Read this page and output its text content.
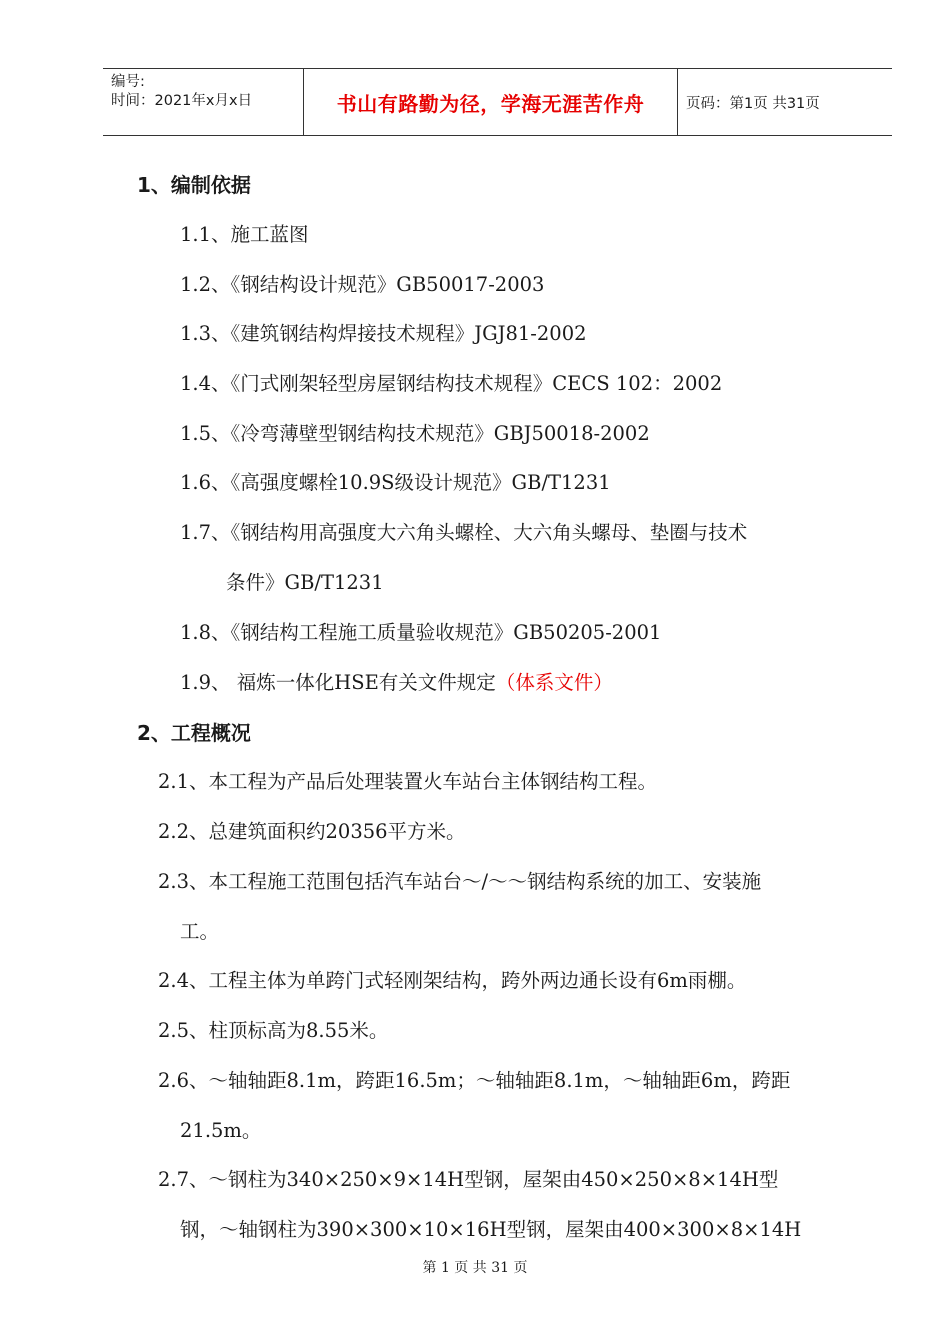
编号:
时间：2021年x月x日	书山有路勤为径，学海无涯苦作舟	页码：第1页 共31页
1、编制依据
1.1、施工蓝图
1.2、《钢结构设计规范》GB50017-2003
1.3、《建筑钢结构焊接技术规程》JGJ81-2002
1.4、《门式刚架轻型房屋钢结构技术规程》CECS 102：2002
1.5、《冷弯薄壁型钢结构技术规范》GBJ50018-2002
1.6、《高强度螺栓10.9S级设计规范》GB/T1231
1.7、《钢结构用高强度大六角头螺栓、大六角头螺母、垫圈与技术
条件》GB/T1231
1.8、《钢结构工程施工质量验收规范》GB50205-2001
1.9、 福炼一体化HSE有关文件规定（体系文件）
2、工程概况
2.1、本工程为产品后处理装置火车站台主体钢结构工程。
2.2、总建筑面积约20356平方米。
2.3、本工程施工范围包括汽车站台～/～～钢结构系统的加工、安装施
工。
2.4、工程主体为单跨门式轻刚架结构，跨外两边通长设有6m雨棚。
2.5、柱顶标高为8.55米。
2.6、～轴轴距8.1m，跨距16.5m；～轴轴距8.1m，～轴轴距6m，跨距
21.5m。
2.7、～钢柱为340×250×9×14H型钢，屋架由450×250×8×14H型
钢，～轴钢柱为390×300×10×16H型钢，屋架由400×300×8×14H
第 1 页 共 31 页
